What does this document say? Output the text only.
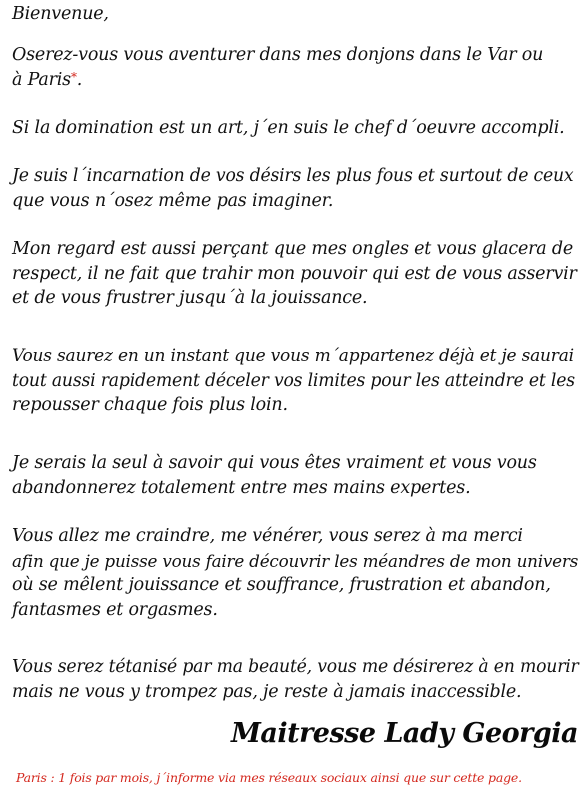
Bienvenue,

Oserez-vous vous aventurer dans mes donjons dans le Var ou
à Paris*.

Si la domination est un art, j´en suis le chef d´oeuvre accompli.

Je suis l´incarnation de vos désirs les plus fous et surtout de ceux
que vous n´osez même pas imaginer.

Mon regard est aussi perçant que mes ongles et vous glacera de
respect, il ne fait que trahir mon pouvoir qui est de vous asservir
et de vous frustrer jusqu´à la jouissance.

Vous saurez en un instant que vous m´appartenez déjà et je saurai
tout aussi rapidement déceler vos limites pour les atteindre et les
repousser chaque fois plus loin.

Je serais la seul à savoir qui vous êtes vraiment et vous vous
abandonnerez totalement entre mes mains expertes.

Vous allez me craindre, me vénérer, vous serez à ma merci
afin que je puisse vous faire découvrir les méandres de mon univers
où se mêlent jouissance et souffrance, frustration et abandon,
fantasmes et orgasmes.

Vous serez tétanisé par ma beauté, vous me désirerez à en mourir
mais ne vous y trompez pas, je reste à jamais inaccessible.

Maitresse Lady Georgia
Paris : 1 fois par mois, j´informe via mes réseaux sociaux ainsi que sur cette page.
